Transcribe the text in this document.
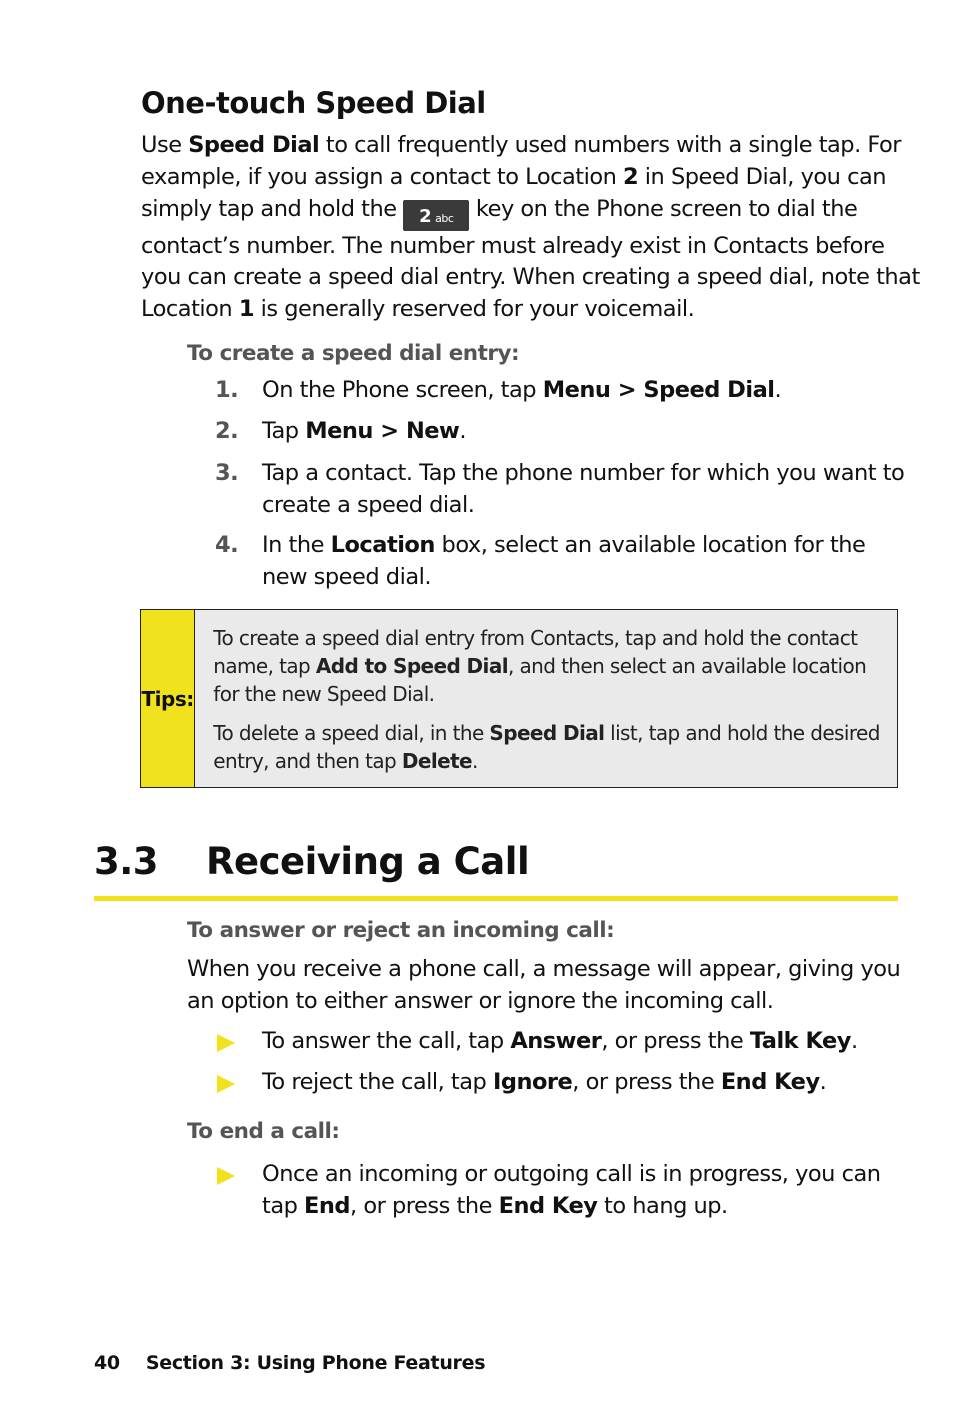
One-touch Speed Dial
Use Speed Dial to call frequently used numbers with a single tap. For example, if you assign a contact to Location 2 in Speed Dial, you can simply tap and hold the 2 abc key on the Phone screen to dial the contact’s number. The number must already exist in Contacts before you can create a speed dial entry. When creating a speed dial, note that Location 1 is generally reserved for your voicemail.
To create a speed dial entry:
1.	On the Phone screen, tap Menu > Speed Dial.
2.	Tap Menu > New.
3.	Tap a contact. Tap the phone number for which you want to create a speed dial.
4.	In the Location box, select an available location for the new speed dial.
Tips:

To create a speed dial entry from Contacts, tap and hold the contact name, tap Add to Speed Dial, and then select an available location for the new Speed Dial.

To delete a speed dial, in the Speed Dial list, tap and hold the desired entry, and then tap Delete.

3.3 Receiving a Call
To answer or reject an incoming call:
When you receive a phone call, a message will appear, giving you an option to either answer or ignore the incoming call.
To answer the call, tap Answer, or press the Talk Key.
To reject the call, tap Ignore, or press the End Key.
To end a call:
Once an incoming or outgoing call is in progress, you can tap End, or press the End Key to hang up.
40 Section 3: Using Phone Features
